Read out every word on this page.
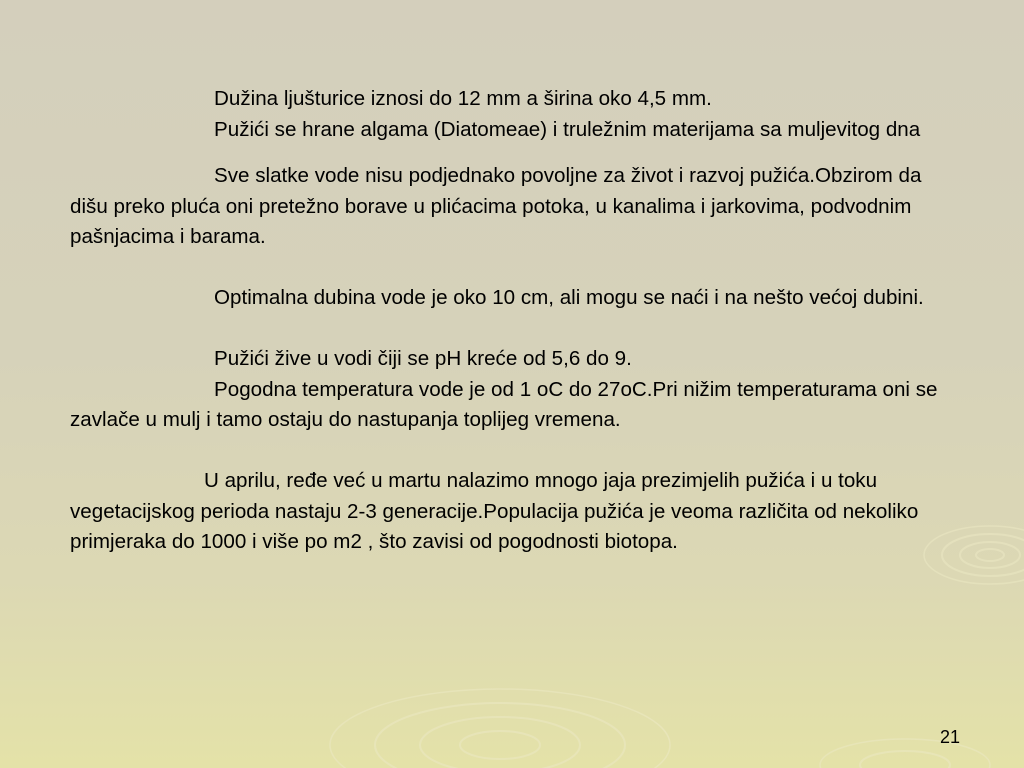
Dužina ljušturice iznosi do 12 mm a širina oko 4,5 mm.

Pužići se hrane algama (Diatomeae) i truležnim materijama sa muljevitog dna

Sve slatke vode nisu podjednako povoljne za život i razvoj pužića.Obzirom da dišu preko pluća oni pretežno borave u plićacima potoka, u kanalima i jarkovima, podvodnim pašnjacima i barama.

Optimalna dubina vode je oko 10 cm, ali mogu se naći i na nešto većoj dubini.

Pužići žive u vodi čiji se pH kreće od 5,6 do 9.

Pogodna temperatura vode je od 1 oC do 27oC.Pri nižim temperaturama oni se zavlače u mulj i tamo ostaju do nastupanja toplijeg vremena.

U aprilu, ređe već u martu nalazimo mnogo jaja prezimjelih pužića i u toku vegetacijskog perioda nastaju 2-3 generacije.Populacija pužića je veoma različita od nekoliko primjeraka do 1000 i više po m2 , što zavisi od pogodnosti biotopa.

21
